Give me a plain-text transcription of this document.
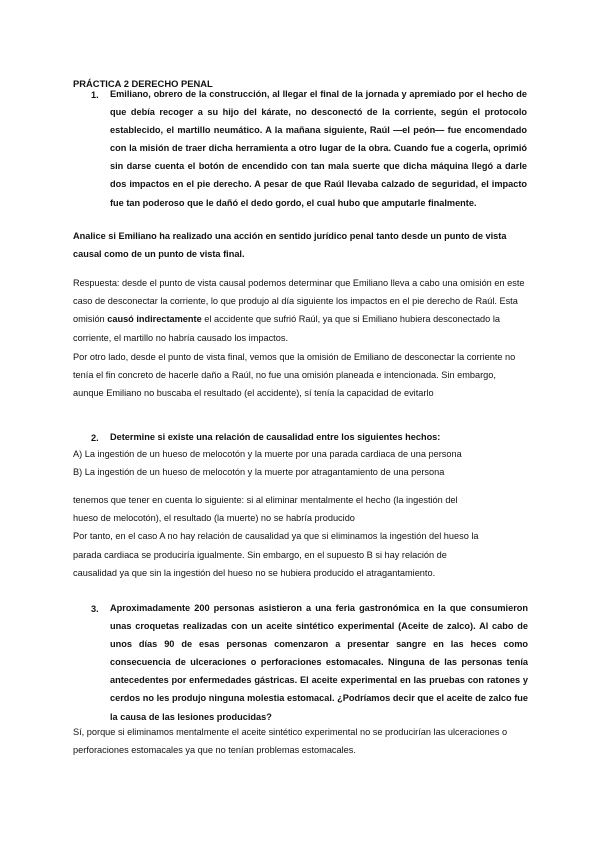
PRÁCTICA 2 DERECHO PENAL
1. Emiliano, obrero de la construcción, al llegar el final de la jornada y apremiado por el hecho de que debía recoger a su hijo del kárate, no desconectó de la corriente, según el protocolo establecido, el martillo neumático. A la mañana siguiente, Raúl —el peón— fue encomendado con la misión de traer dicha herramienta a otro lugar de la obra. Cuando fue a cogerla, oprimió sin darse cuenta el botón de encendido con tan mala suerte que dicha máquina llegó a darle dos impactos en el pie derecho. A pesar de que Raúl llevaba calzado de seguridad, el impacto fue tan poderoso que le dañó el dedo gordo, el cual hubo que amputarle finalmente.
Analice si Emiliano ha realizado una acción en sentido jurídico penal tanto desde un punto de vista causal como de un punto de vista final.
Respuesta: desde el punto de vista causal podemos determinar que Emiliano lleva a cabo una omisión en este caso de desconectar la corriente, lo que produjo al día siguiente los impactos en el pie derecho de Raúl. Esta omisión causó indirectamente el accidente que sufrió Raúl, ya que si Emiliano hubiera desconectado la corriente, el martillo no habría causado los impactos.
Por otro lado, desde el punto de vista final, vemos que la omisión de Emiliano de desconectar la corriente no tenía el fin concreto de hacerle daño a Raúl, no fue una omisión planeada e intencionada. Sin embargo, aunque Emiliano no buscaba el resultado (el accidente), sí tenía la capacidad de evitarlo
2. Determine si existe una relación de causalidad entre los siguientes hechos:
A) La ingestión de un hueso de melocotón y la muerte por una parada cardiaca de una persona
B) La ingestión de un hueso de melocotón y la muerte por atragantamiento de una persona
tenemos que tener en cuenta lo siguiente: si al eliminar mentalmente el hecho (la ingestión del
hueso de melocotón), el resultado (la muerte) no se habría producido
Por tanto, en el caso A no hay relación de causalidad ya que si eliminamos la ingestión del hueso la
parada cardiaca se produciría igualmente. Sin embargo, en el supuesto B si hay relación de
causalidad ya que sin la ingestión del hueso no se hubiera producido el atragantamiento.
3. Aproximadamente 200 personas asistieron a una feria gastronómica en la que consumieron unas croquetas realizadas con un aceite sintético experimental (Aceite de zalco). Al cabo de unos días 90 de esas personas comenzaron a presentar sangre en las heces como consecuencia de ulceraciones o perforaciones estomacales. Ninguna de las personas tenía antecedentes por enfermedades gástricas. El aceite experimental en las pruebas con ratones y cerdos no les produjo ninguna molestia estomacal. ¿Podríamos decir que el aceite de zalco fue la causa de las lesiones producidas?
Sí, porque si eliminamos mentalmente el aceite sintético experimental no se producirían las ulceraciones o perforaciones estomacales ya que no tenían problemas estomacales.
